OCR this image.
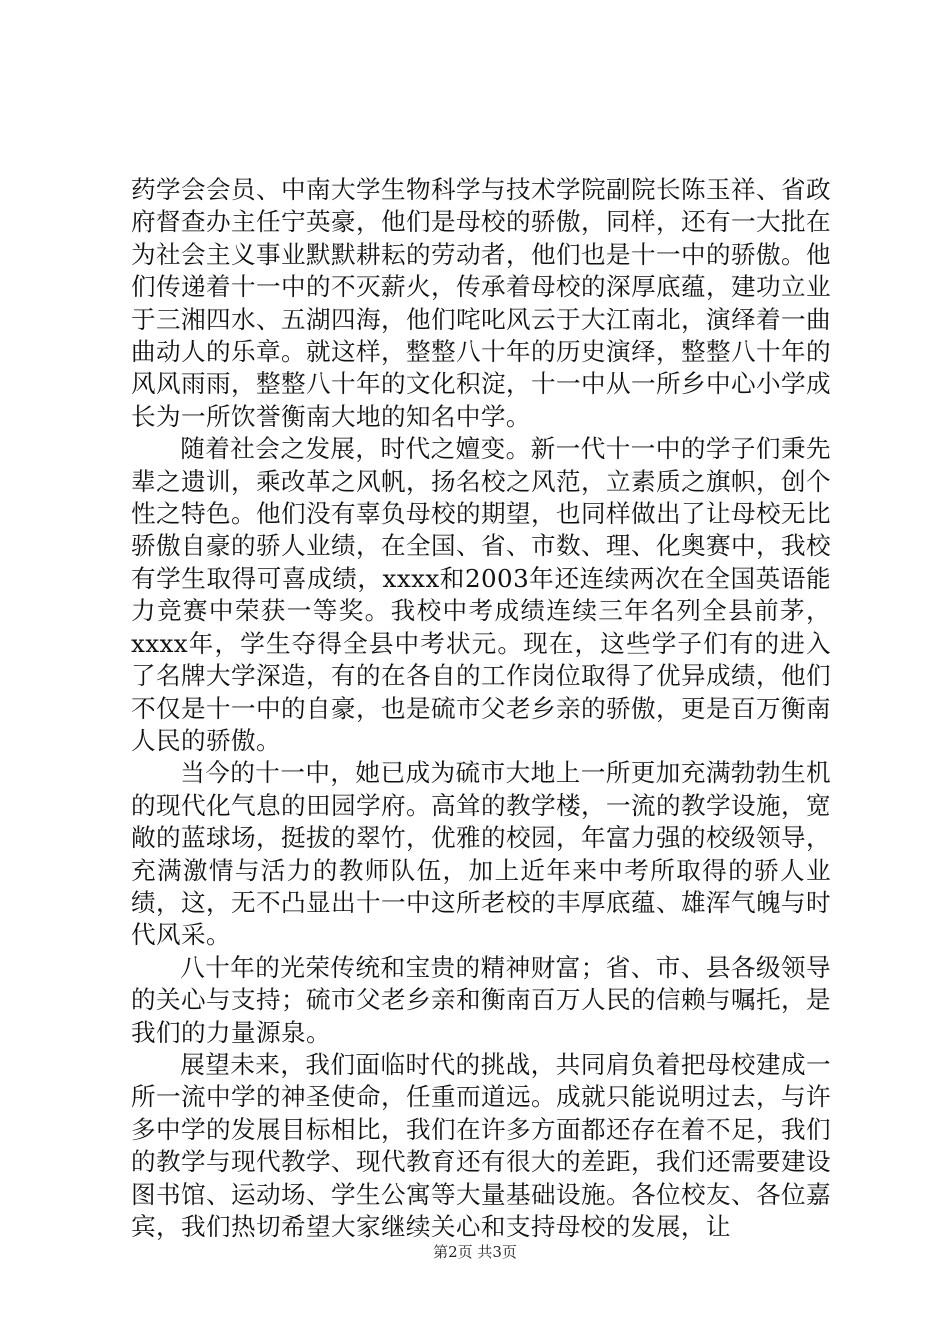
药学会会员、中南大学生物科学与技术学院副院长陈玉祥、省政府督查办主任宁英豪，他们是母校的骄傲，同样，还有一大批在为社会主义事业默默耕耘的劳动者，他们也是十一中的骄傲。他们传递着十一中的不灭薪火，传承着母校的深厚底蕴，建功立业于三湘四水、五湖四海，他们咤叱风云于大江南北，演绎着一曲曲动人的乐章。就这样，整整八十年的历史演绎，整整八十年的风风雨雨，整整八十年的文化积淀，十一中从一所乡中心小学成长为一所饮誉衡南大地的知名中学。

随着社会之发展，时代之嬗变。新一代十一中的学子们秉先辈之遗训，乘改革之风帆，扬名校之风范，立素质之旗帜，创个性之特色。他们没有辜负母校的期望，也同样做出了让母校无比骄傲自豪的骄人业绩，在全国、省、市数、理、化奥赛中，我校有学生取得可喜成绩，xxxx和2003年还连续两次在全国英语能力竞赛中荣获一等奖。我校中考成绩连续三年名列全县前茅，xxxx年，学生夺得全县中考状元。现在，这些学子们有的进入了名牌大学深造，有的在各自的工作岗位取得了优异成绩，他们不仅是十一中的自豪，也是硫市父老乡亲的骄傲，更是百万衡南人民的骄傲。

当今的十一中，她已成为硫市大地上一所更加充满勃勃生机的现代化气息的田园学府。高耸的教学楼，一流的教学设施，宽敞的蓝球场，挺拔的翠竹，优雅的校园，年富力强的校级领导，充满激情与活力的教师队伍，加上近年来中考所取得的骄人业绩，这，无不凸显出十一中这所老校的丰厚底蕴、雄浑气魄与时代风采。

八十年的光荣传统和宝贵的精神财富；省、市、县各级领导的关心与支持；硫市父老乡亲和衡南百万人民的信赖与嘱托，是我们的力量源泉。

展望未来，我们面临时代的挑战，共同肩负着把母校建成一所一流中学的神圣使命，任重而道远。成就只能说明过去，与许多中学的发展目标相比，我们在许多方面都还存在着不足，我们的教学与现代教学、现代教育还有很大的差距，我们还需要建设图书馆、运动场、学生公寓等大量基础设施。各位校友、各位嘉宾，我们热切希望大家继续关心和支持母校的发展，让

第2页 共3页
